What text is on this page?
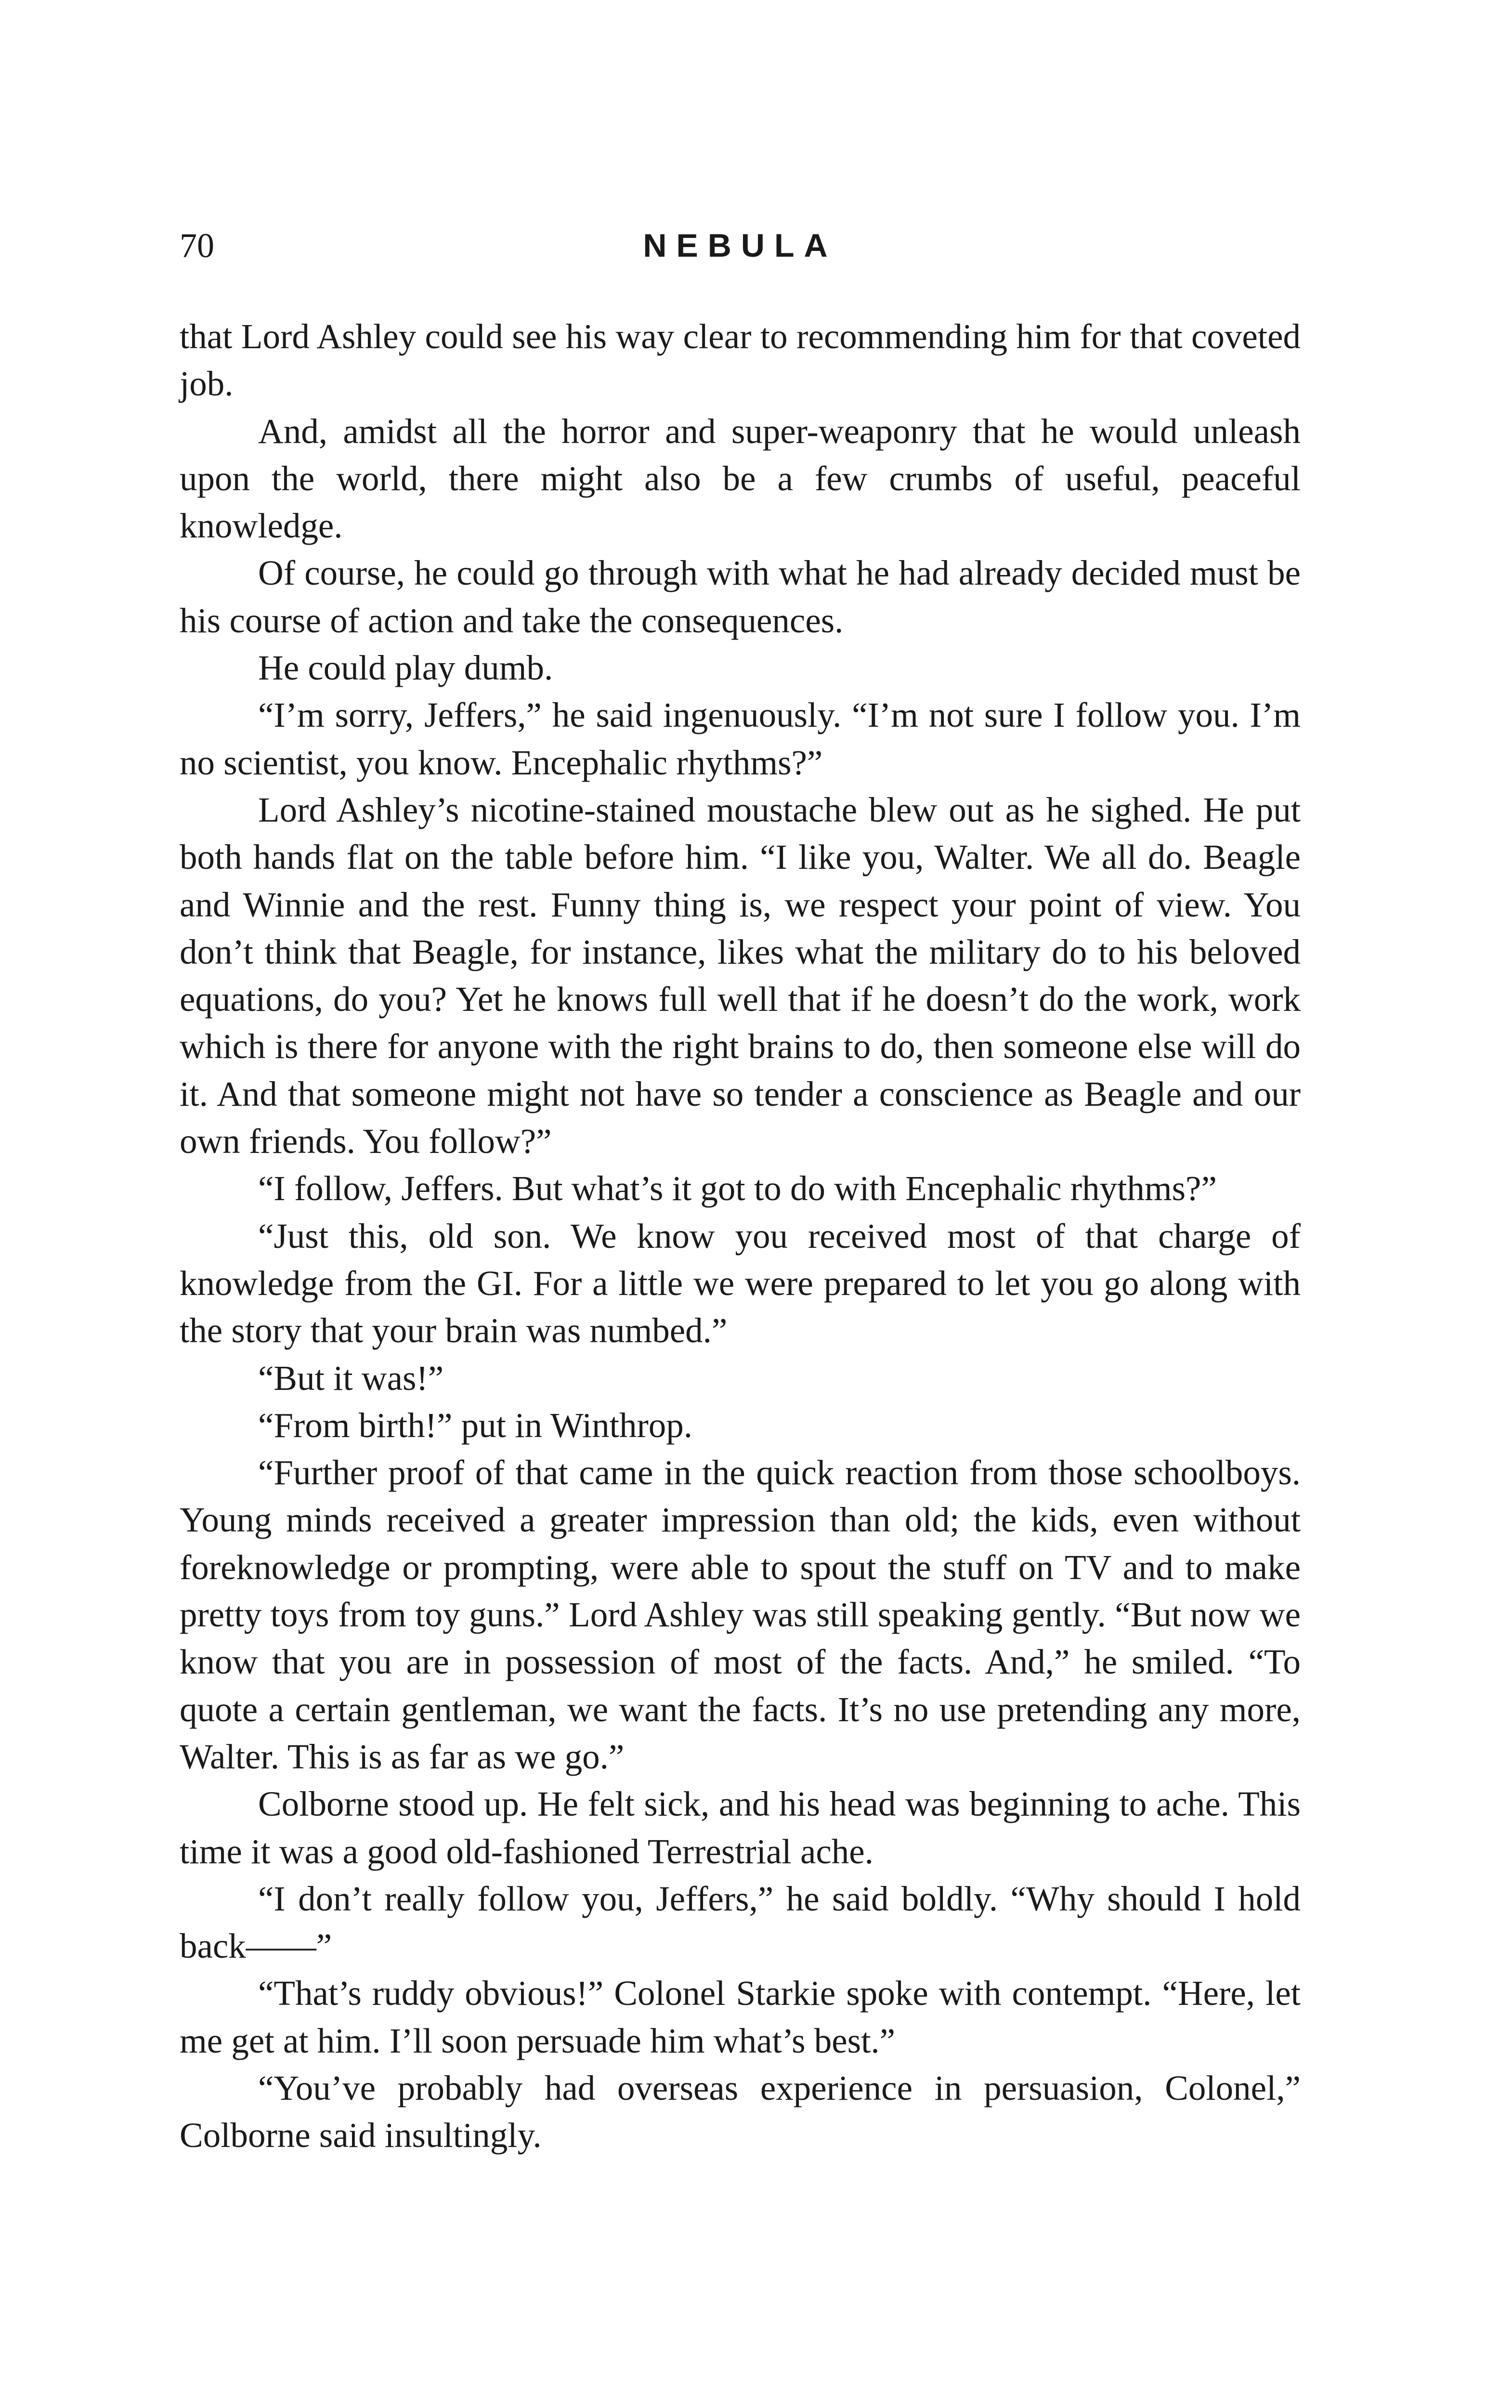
70	NEBULA

that Lord Ashley could see his way clear to recommending him for that coveted job.

And, amidst all the horror and super-weaponry that he would unleash upon the world, there might also be a few crumbs of useful, peaceful knowledge.

Of course, he could go through with what he had already decided must be his course of action and take the consequences.

He could play dumb.

“I’m sorry, Jeffers,” he said ingenuously. “I’m not sure I follow you. I’m no scientist, you know. Encephalic rhythms?”

Lord Ashley’s nicotine-stained moustache blew out as he sighed. He put both hands flat on the table before him. “I like you, Walter. We all do. Beagle and Winnie and the rest. Funny thing is, we respect your point of view. You don’t think that Beagle, for instance, likes what the military do to his beloved equations, do you? Yet he knows full well that if he doesn’t do the work, work which is there for anyone with the right brains to do, then someone else will do it. And that someone might not have so tender a conscience as Beagle and our own friends. You follow?”

“I follow, Jeffers. But what’s it got to do with Encephalic rhythms?”

“Just this, old son. We know you received most of that charge of knowledge from the GI. For a little we were prepared to let you go along with the story that your brain was numbed.”

“But it was!”

“From birth!” put in Winthrop.

“Further proof of that came in the quick reaction from those schoolboys. Young minds received a greater impression than old; the kids, even without foreknowledge or prompting, were able to spout the stuff on TV and to make pretty toys from toy guns.” Lord Ashley was still speaking gently. “But now we know that you are in possession of most of the facts. And,” he smiled. “To quote a certain gentleman, we want the facts. It’s no use pretending any more, Walter. This is as far as we go.”

Colborne stood up. He felt sick, and his head was beginning to ache. This time it was a good old-fashioned Terrestrial ache.

“I don’t really follow you, Jeffers,” he said boldly. “Why should I hold back——”

“That’s ruddy obvious!” Colonel Starkie spoke with contempt. “Here, let me get at him. I’ll soon persuade him what’s best.”

“You’ve probably had overseas experience in persuasion, Colonel,” Colborne said insultingly.
